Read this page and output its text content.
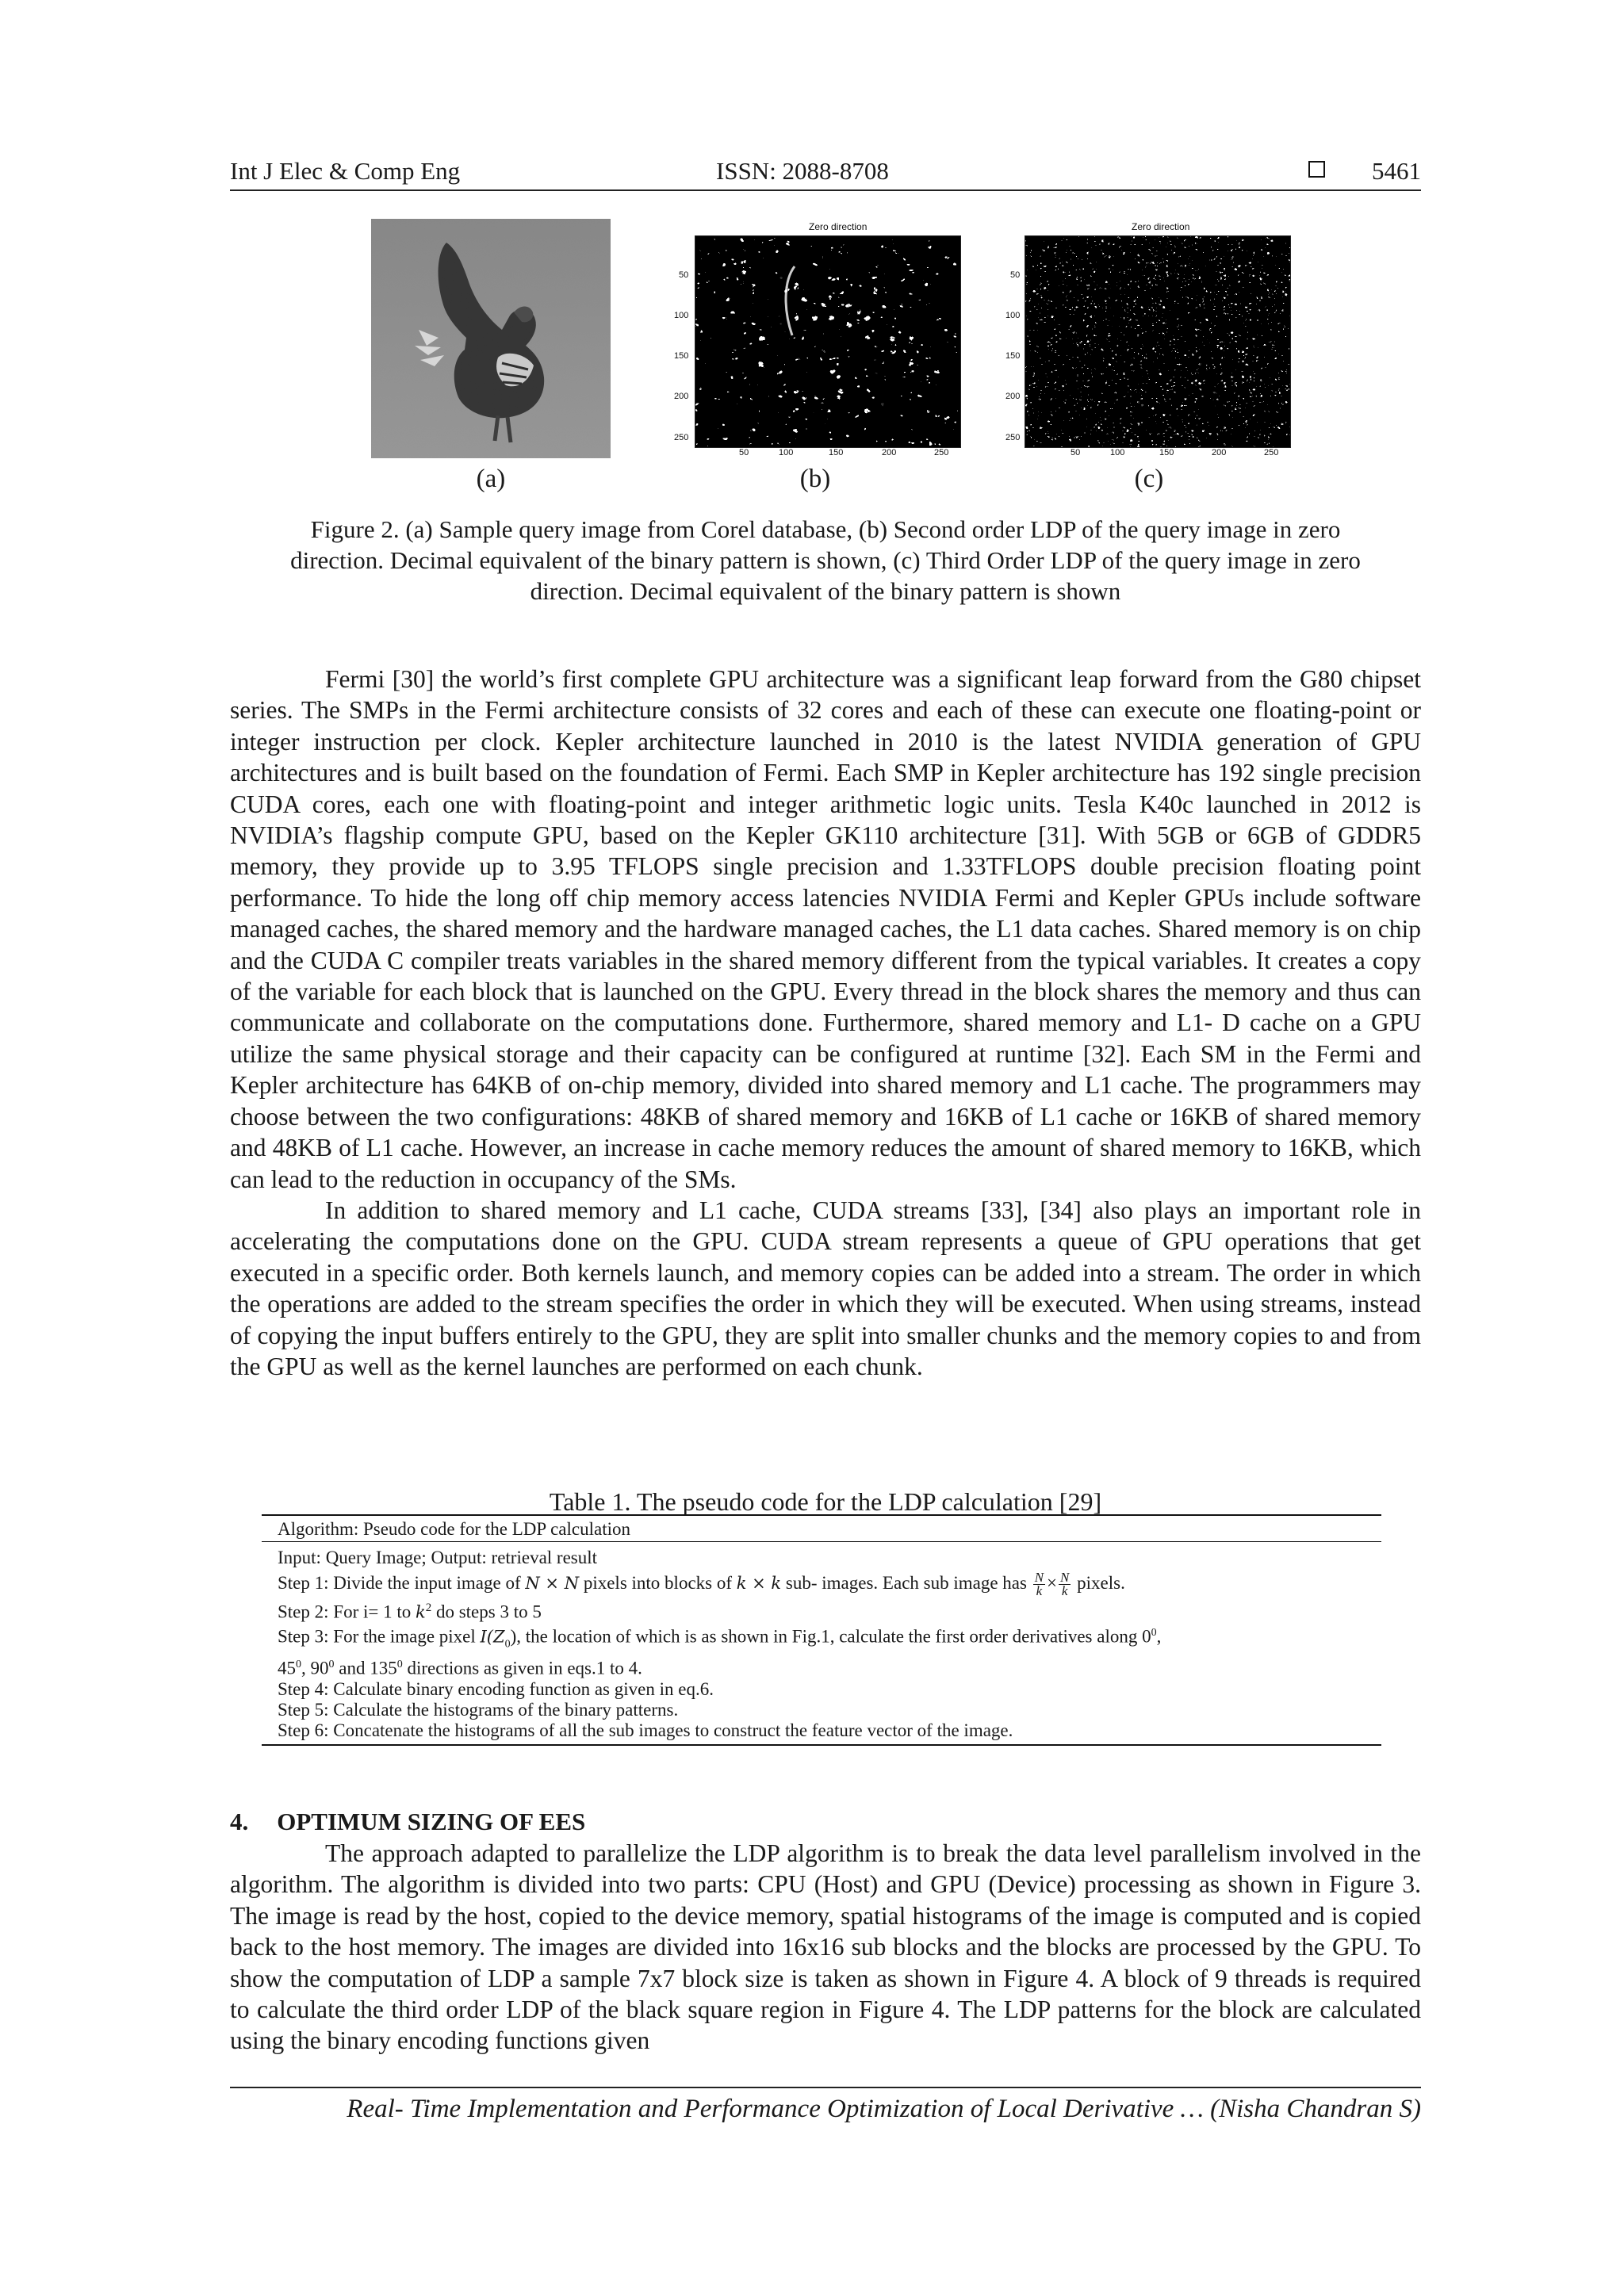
Int J Elec & Comp Eng	ISSN: 2088-8708	5461
Zero direction
50
100
150
200
250
50	100	150	200	250
Zero direction
50
100
150
200
250
50	100	150	200	250
(a)	(b)	(c)
Figure 2. (a) Sample query image from Corel database, (b) Second order LDP of the query image in zero
direction. Decimal equivalent of the binary pattern is shown, (c) Third Order LDP of the query image in zero
direction. Decimal equivalent of the binary pattern is shown

Fermi [30] the world’s first complete GPU architecture was a significant leap forward from the G80 chipset series. The SMPs in the Fermi architecture consists of 32 cores and each of these can execute one floating-point or integer instruction per clock. Kepler architecture launched in 2010 is the latest NVIDIA generation of GPU architectures and is built based on the foundation of Fermi. Each SMP in Kepler architecture has 192 single precision CUDA cores, each one with floating-point and integer arithmetic logic units. Tesla K40c launched in 2012 is NVIDIA’s flagship compute GPU, based on the Kepler GK110 architecture [31]. With 5GB or 6GB of GDDR5 memory, they provide up to 3.95 TFLOPS single precision and 1.33TFLOPS double precision floating point performance. To hide the long off chip memory access latencies NVIDIA Fermi and Kepler GPUs include software managed caches, the shared memory and the hardware managed caches, the L1 data caches. Shared memory is on chip and the CUDA C compiler treats variables in the shared memory different from the typical variables. It creates a copy of the variable for each block that is launched on the GPU. Every thread in the block shares the memory and thus can communicate and collaborate on the computations done. Furthermore, shared memory and L1- D cache on a GPU utilize the same physical storage and their capacity can be configured at runtime [32]. Each SM in the Fermi and Kepler architecture has 64KB of on-chip memory, divided into shared memory and L1 cache. The programmers may choose between the two configurations: 48KB of shared memory and 16KB of L1 cache or 16KB of shared memory and 48KB of L1 cache. However, an increase in cache memory reduces the amount of shared memory to 16KB, which can lead to the reduction in occupancy of the SMs.

In addition to shared memory and L1 cache, CUDA streams [33], [34] also plays an important role in accelerating the computations done on the GPU. CUDA stream represents a queue of GPU operations that get executed in a specific order. Both kernels launch, and memory copies can be added into a stream. The order in which the operations are added to the stream specifies the order in which they will be executed. When using streams, instead of copying the input buffers entirely to the GPU, they are split into smaller chunks and the memory copies to and from the GPU as well as the kernel launches are performed on each chunk.

Table 1. The pseudo code for the LDP calculation [29]
Algorithm: Pseudo code for the LDP calculation
Input: Query Image; Output: retrieval result
Step 1: Divide the input image of N × N pixels into blocks of k × k sub- images. Each sub image has $\frac{N}{k} \times \frac{N}{k}$ pixels.
Step 2: For i= 1 to $k^2$ do steps 3 to 5
Step 3: For the image pixel $I(Z_0)$, the location of which is as shown in Fig.1, calculate the first order derivatives along $0^0$,
$45^0$, $90^0$ and $135^0$ directions as given in eqs.1 to 4.
Step 4: Calculate binary encoding function as given in eq.6.
Step 5: Calculate the histograms of the binary patterns.
Step 6: Concatenate the histograms of all the sub images to construct the feature vector of the image.
4. OPTIMUM SIZING OF EES

The approach adapted to parallelize the LDP algorithm is to break the data level parallelism involved in the algorithm. The algorithm is divided into two parts: CPU (Host) and GPU (Device) processing as shown in Figure 3. The image is read by the host, copied to the device memory, spatial histograms of the image is computed and is copied back to the host memory. The images are divided into 16x16 sub blocks and the blocks are processed by the GPU. To show the computation of LDP a sample 7x7 block size is taken as shown in Figure 4. A block of 9 threads is required to calculate the third order LDP of the black square region in Figure 4. The LDP patterns for the block are calculated using the binary encoding functions given

Real- Time Implementation and Performance Optimization of Local Derivative … (Nisha Chandran S)
